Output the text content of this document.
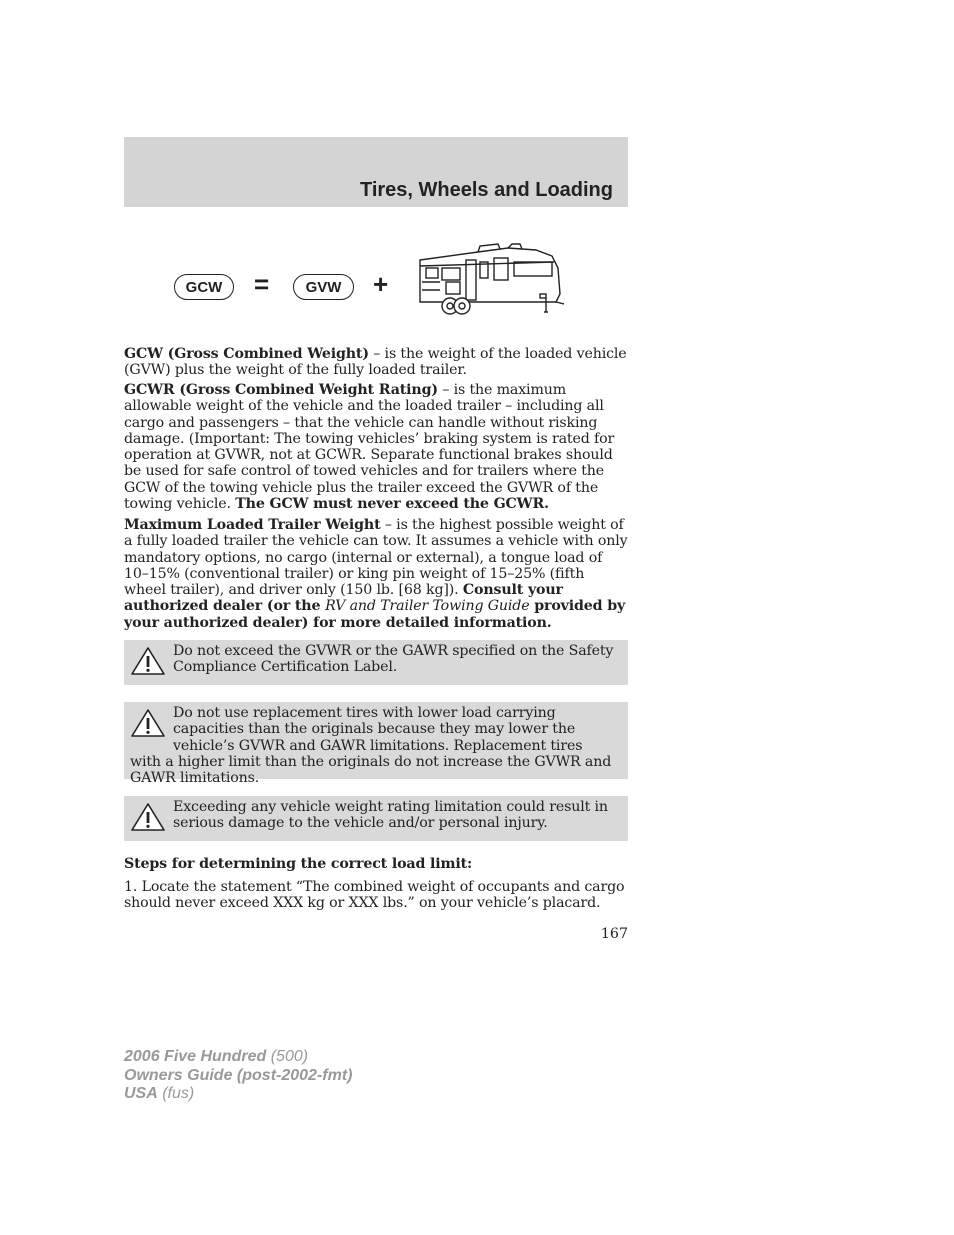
Tires, Wheels and Loading
GCW	=	GVW	+

GCW (Gross Combined Weight) – is the weight of the loaded vehicle (GVW) plus the weight of the fully loaded trailer.

GCWR (Gross Combined Weight Rating) – is the maximum allowable weight of the vehicle and the loaded trailer – including all cargo and passengers – that the vehicle can handle without risking damage. (Important: The towing vehicles’ braking system is rated for operation at GVWR, not at GCWR. Separate functional brakes should be used for safe control of towed vehicles and for trailers where the GCW of the towing vehicle plus the trailer exceed the GVWR of the towing vehicle. The GCW must never exceed the GCWR.

Maximum Loaded Trailer Weight – is the highest possible weight of a fully loaded trailer the vehicle can tow. It assumes a vehicle with only mandatory options, no cargo (internal or external), a tongue load of 10–15% (conventional trailer) or king pin weight of 15–25% (fifth wheel trailer), and driver only (150 lb. [68 kg]). Consult your authorized dealer (or the RV and Trailer Towing Guide provided by your authorized dealer) for more detailed information.

Do not exceed the GVWR or the GAWR specified on the Safety Compliance Certification Label.
Do not use replacement tires with lower load carrying capacities than the originals because they may lower the vehicle’s GVWR and GAWR limitations. Replacement tires with a higher limit than the originals do not increase the GVWR and GAWR limitations.
Exceeding any vehicle weight rating limitation could result in serious damage to the vehicle and/or personal injury.

Steps for determining the correct load limit:

1. Locate the statement “The combined weight of occupants and cargo should never exceed XXX kg or XXX lbs.” on your vehicle’s placard.

167
2006 Five Hundred (500)
Owners Guide (post-2002-fmt)
USA (fus)
